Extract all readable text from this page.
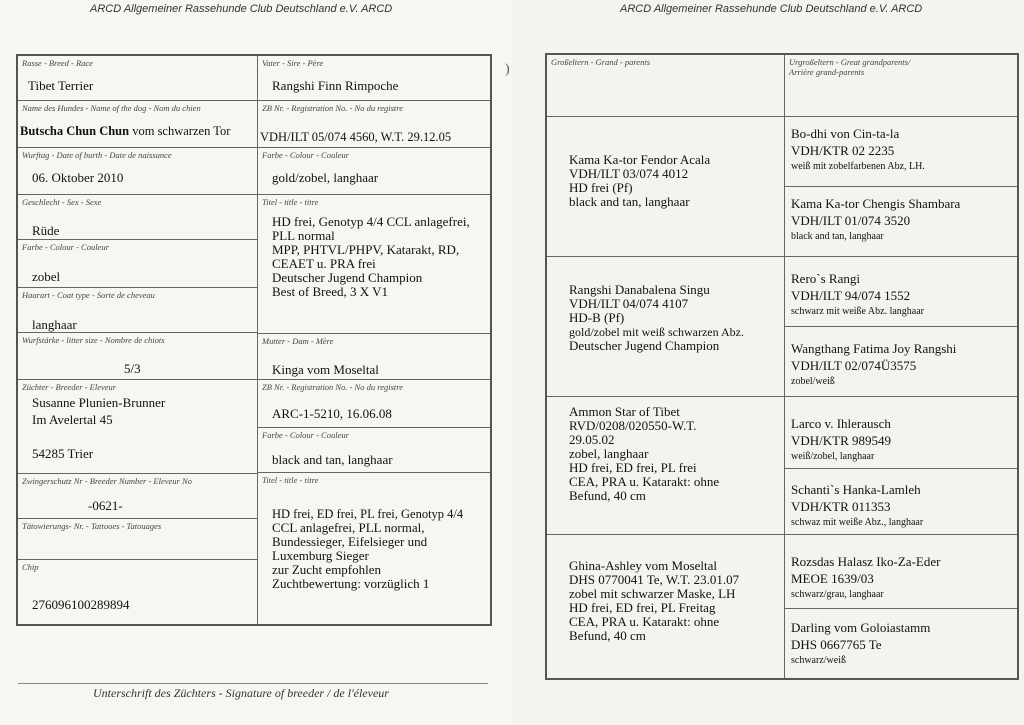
ARCD Allgemeiner Rassehunde Club Deutschland e.V. ARCD
Rasse - Breed - Race
Tibet Terrier
Name des Hundes - Name of the dog - Nom du chien
Butscha Chun Chun vom schwarzen Tor
Wurftag - Date of burth - Date de naissance
06. Oktober 2010
Geschlecht - Sex - Sexe
Rüde
Farbe - Colour - Couleur
zobel
Haarart - Coat type - Sorte de cheveau
langhaar
Wurfstärke - litter size - Nombre de chiots
5/3
Züchter - Breeder - Eleveur
Susanne Plunien-Brunner
Im Avelertal 45
54285 Trier
Zwingerschutz Nr - Breeder Number - Eleveur No
-0621-
Tätowierungs- Nr. - Tattooes - Tatouages
Chip
276096100289894
Vater - Sire - Père
Rangshi Finn Rimpoche
ZB Nr. - Registration No. - No du registre
VDH/ILT 05/074 4560, W.T. 29.12.05
Farbe - Colour - Couleur
gold/zobel, langhaar
Titel - title - titre
HD frei, Genotyp 4/4 CCL anlagefrei,
PLL normal
MPP, PHTVL/PHPV, Katarakt, RD,
CEAET u. PRA frei
Deutscher Jugend Champion
Best of Breed, 3 X V1
Mutter - Dam - Mère
Kinga vom Moseltal
ZB Nr. - Registration No. - No du registre
ARC-1-5210, 16.06.08
Farbe - Colour - Couleur
black and tan, langhaar
Titel - title - titre
HD frei, ED frei, PL frei, Genotyp 4/4
CCL anlagefrei, PLL normal,
Bundessieger, Eifelsieger und
Luxemburg Sieger
zur Zucht empfohlen
Zuchtbewertung: vorzüglich 1
Unterschrift des Züchters - Signature of breeder / de l'éleveur
)
ARCD Allgemeiner Rassehunde Club Deutschland e.V. ARCD
Großeltern - Grand - parents	Urgroßeltern - Great grandparents/
Arrière grand-parents
Kama Ka-tor Fendor Acala
VDH/ILT 03/074 4012
HD frei (Pf)
black and tan, langhaar
Rangshi Danabalena Singu
VDH/ILT 04/074 4107
HD-B (Pf)
gold/zobel mit weiß schwarzen Abz.
Deutscher Jugend Champion
Ammon Star of Tibet
RVD/0208/020550-W.T.
29.05.02
zobel, langhaar
HD frei, ED frei, PL frei
CEA, PRA u. Katarakt: ohne
Befund, 40 cm
Ghina-Ashley vom Moseltal
DHS 0770041 Te, W.T. 23.01.07
zobel mit schwarzer Maske, LH
HD frei, ED frei, PL Freitag
CEA, PRA u. Katarakt: ohne
Befund, 40 cm
Bo-dhi von Cin-ta-la
VDH/KTR 02 2235
weiß mit zobelfarbenen Abz, LH.
Kama Ka-tor Chengis Shambara
VDH/ILT 01/074 3520
black and tan, langhaar
Rero`s Rangi
VDH/ILT 94/074 1552
schwarz mit weiße Abz. langhaar
Wangthang Fatima Joy Rangshi
VDH/ILT 02/074Ü3575
zobel/weiß
Larco v. Ihlerausch
VDH/KTR 989549
weiß/zobel, langhaar
Schanti`s Hanka-Lamleh
VDH/KTR 011353
schwaz mit weiße Abz., langhaar
Rozsdas Halasz Iko-Za-Eder
MEOE 1639/03
schwarz/grau, langhaar
Darling vom Goloiastamm
DHS 0667765 Te
schwarz/weiß
